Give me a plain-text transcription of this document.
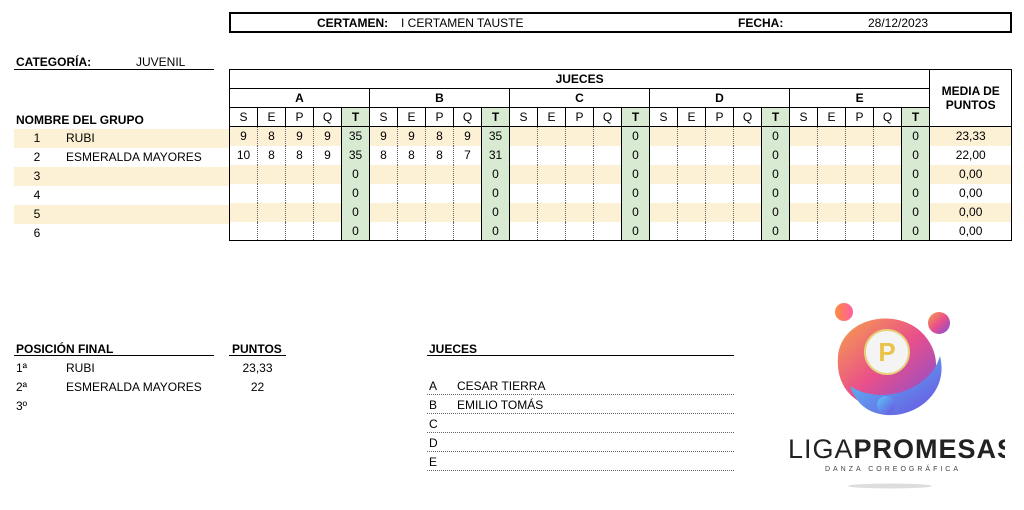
CERTAMEN: I CERTAMEN TAUSTE	FECHA:	28/12/2023
CATEGORÍA:	JUVENIL
NOMBRE DEL GRUPO
1	RUBI
2	ESMERALDA MAYORES
3
4
5
6
JUECES																									MEDIA DE PUNTOS
A					B					C					D					E					
S	E	P	Q	T	S	E	P	Q	T	S	E	P	Q	T	S	E	P	Q	T	S	E	P	Q	T	
9	8	9	9	35	9	9	8	9	35					0					0					0	23,33
10	8	8	9	35	8	8	8	7	31					0					0					0	22,00
				0					0					0					0					0	0,00
				0					0					0					0					0	0,00
				0					0					0					0					0	0,00
				0					0					0					0					0	0,00
POSICIÓN FINAL	PUNTOS
1ª	RUBI	23,33
2ª	ESMERALDA MAYORES	22
3º
JUECES
A CESAR TIERRA
B EMILIO TOMÁS
C
D
E
P
LIGAPROMESAS
DANZA COREOGRÁFICA
